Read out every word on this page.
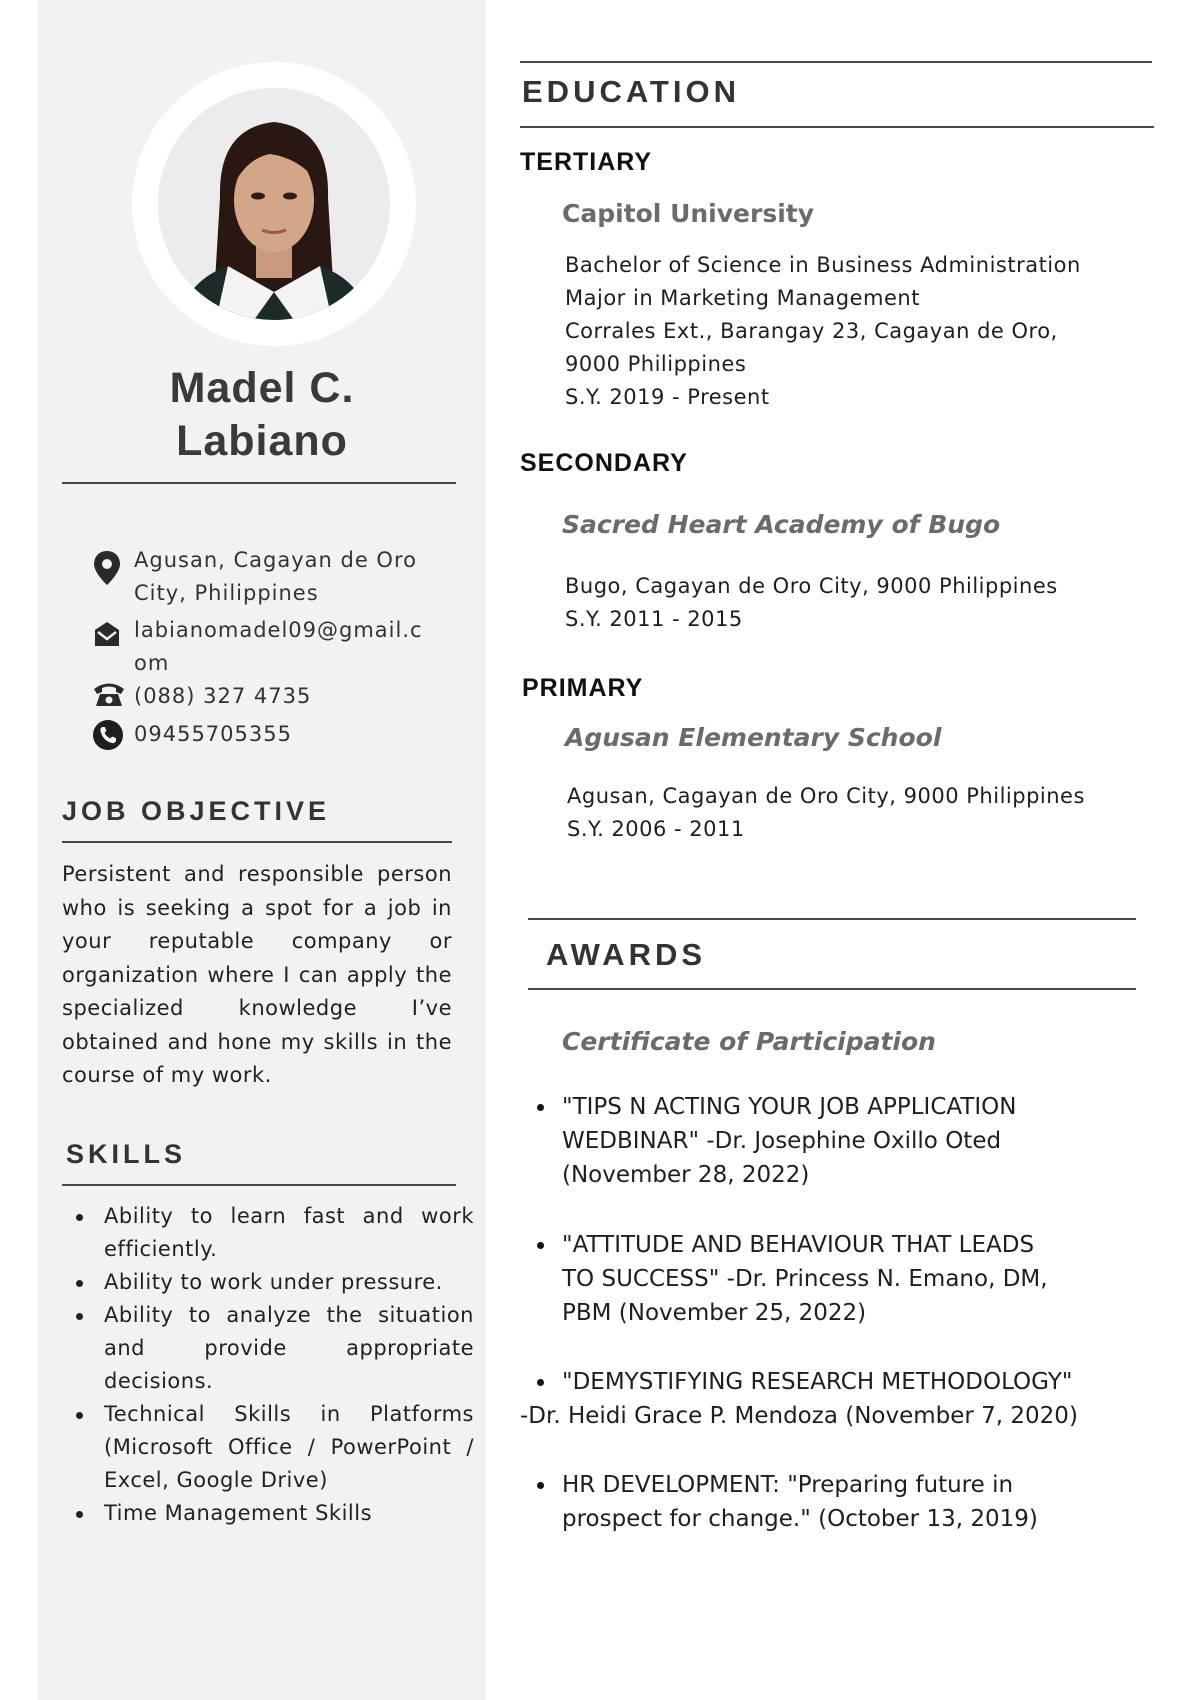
Madel C.
Labiano
Agusan, Cagayan de Oro City, Philippines
labianomadel09@gmail.com
(088) 327 4735
09455705355
JOB OBJECTIVE
Persistent and responsible person who is seeking a spot for a job in your reputable company or organization where I can apply the specialized knowledge I’ve obtained and hone my skills in the course of my work.
SKILLS
Ability to learn fast and work efficiently.
Ability to work under pressure.
Ability to analyze the situation and provide appropriate decisions.
Technical Skills in Platforms (Microsoft Office / PowerPoint / Excel, Google Drive)
Time Management Skills
EDUCATION
TERTIARY
Capitol University
Bachelor of Science in Business Administration
Major in Marketing Management
Corrales Ext., Barangay 23, Cagayan de Oro,
9000 Philippines
S.Y. 2019 - Present
SECONDARY
Sacred Heart Academy of Bugo
Bugo, Cagayan de Oro City, 9000 Philippines
S.Y. 2011 - 2015
PRIMARY
Agusan Elementary School
Agusan, Cagayan de Oro City, 9000 Philippines
S.Y. 2006 - 2011
AWARDS
Certificate of Participation
"TIPS N ACTING YOUR JOB APPLICATION
WEDBINAR" -Dr. Josephine Oxillo Oted
(November 28, 2022)
"ATTITUDE AND BEHAVIOUR THAT LEADS
TO SUCCESS" -Dr. Princess N. Emano, DM,
PBM (November 25, 2022)
"DEMYSTIFYING RESEARCH METHODOLOGY"
-Dr. Heidi Grace P. Mendoza (November 7, 2020)
HR DEVELOPMENT: "Preparing future in
prospect for change." (October 13, 2019)
